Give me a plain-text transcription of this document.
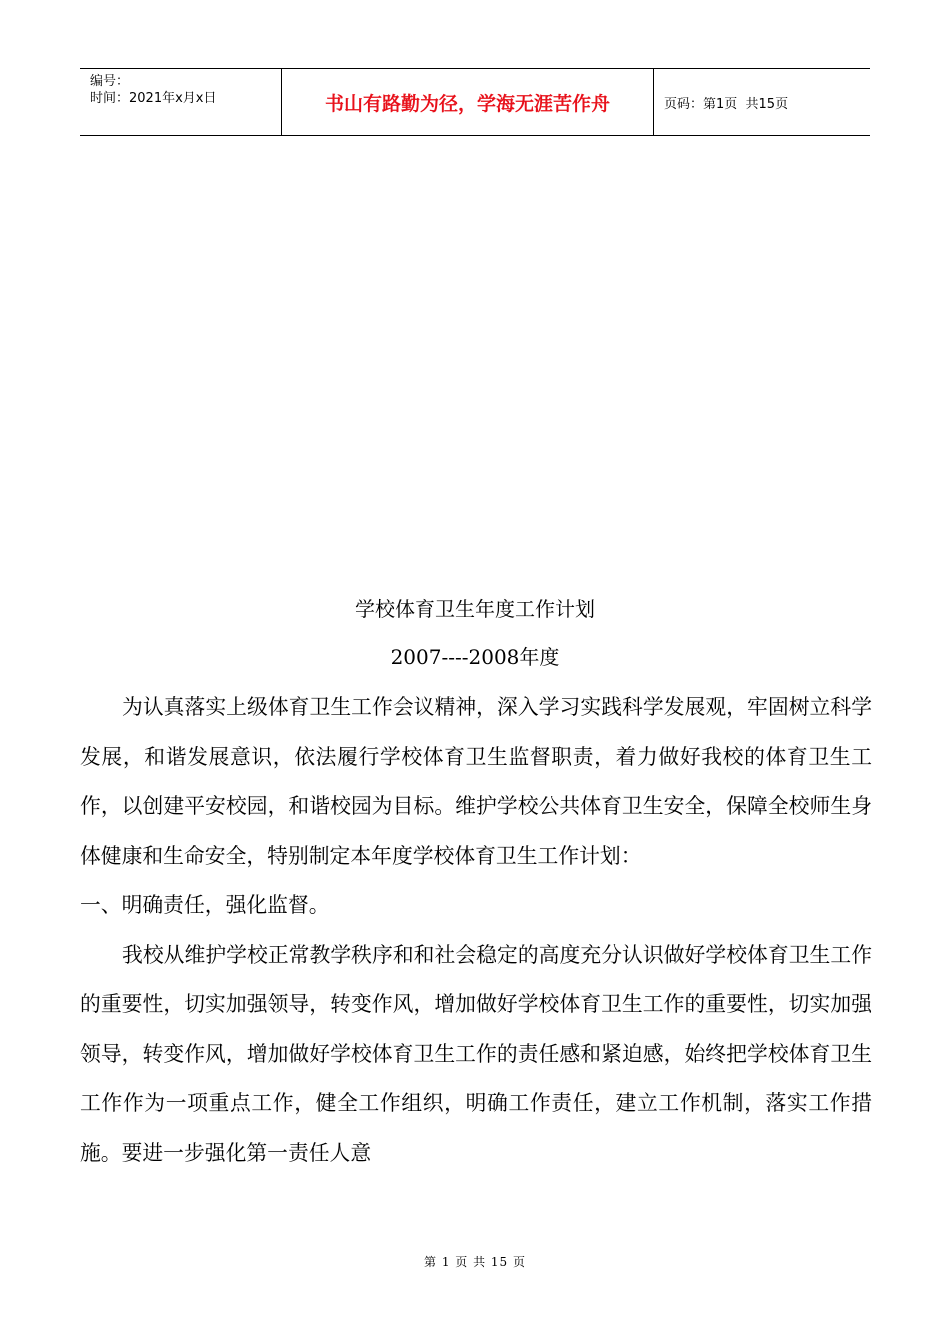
编号：
时间：2021年x月x日	书山有路勤为径，学海无涯苦作舟	页码：第1页  共15页
学校体育卫生年度工作计划
2007----2008年度

为认真落实上级体育卫生工作会议精神，深入学习实践科学发展观，牢固树立科学发展，和谐发展意识，依法履行学校体育卫生监督职责，着力做好我校的体育卫生工作，以创建平安校园，和谐校园为目标。维护学校公共体育卫生安全，保障全校师生身体健康和生命安全，特别制定本年度学校体育卫生工作计划：

一、明确责任，强化监督。

我校从维护学校正常教学秩序和和社会稳定的高度充分认识做好学校体育卫生工作的重要性，切实加强领导，转变作风，增加做好学校体育卫生工作的重要性，切实加强领导，转变作风，增加做好学校体育卫生工作的责任感和紧迫感，始终把学校体育卫生工作作为一项重点工作，健全工作组织，明确工作责任，建立工作机制，落实工作措施。要进一步强化第一责任人意

第 1 页 共 15 页
